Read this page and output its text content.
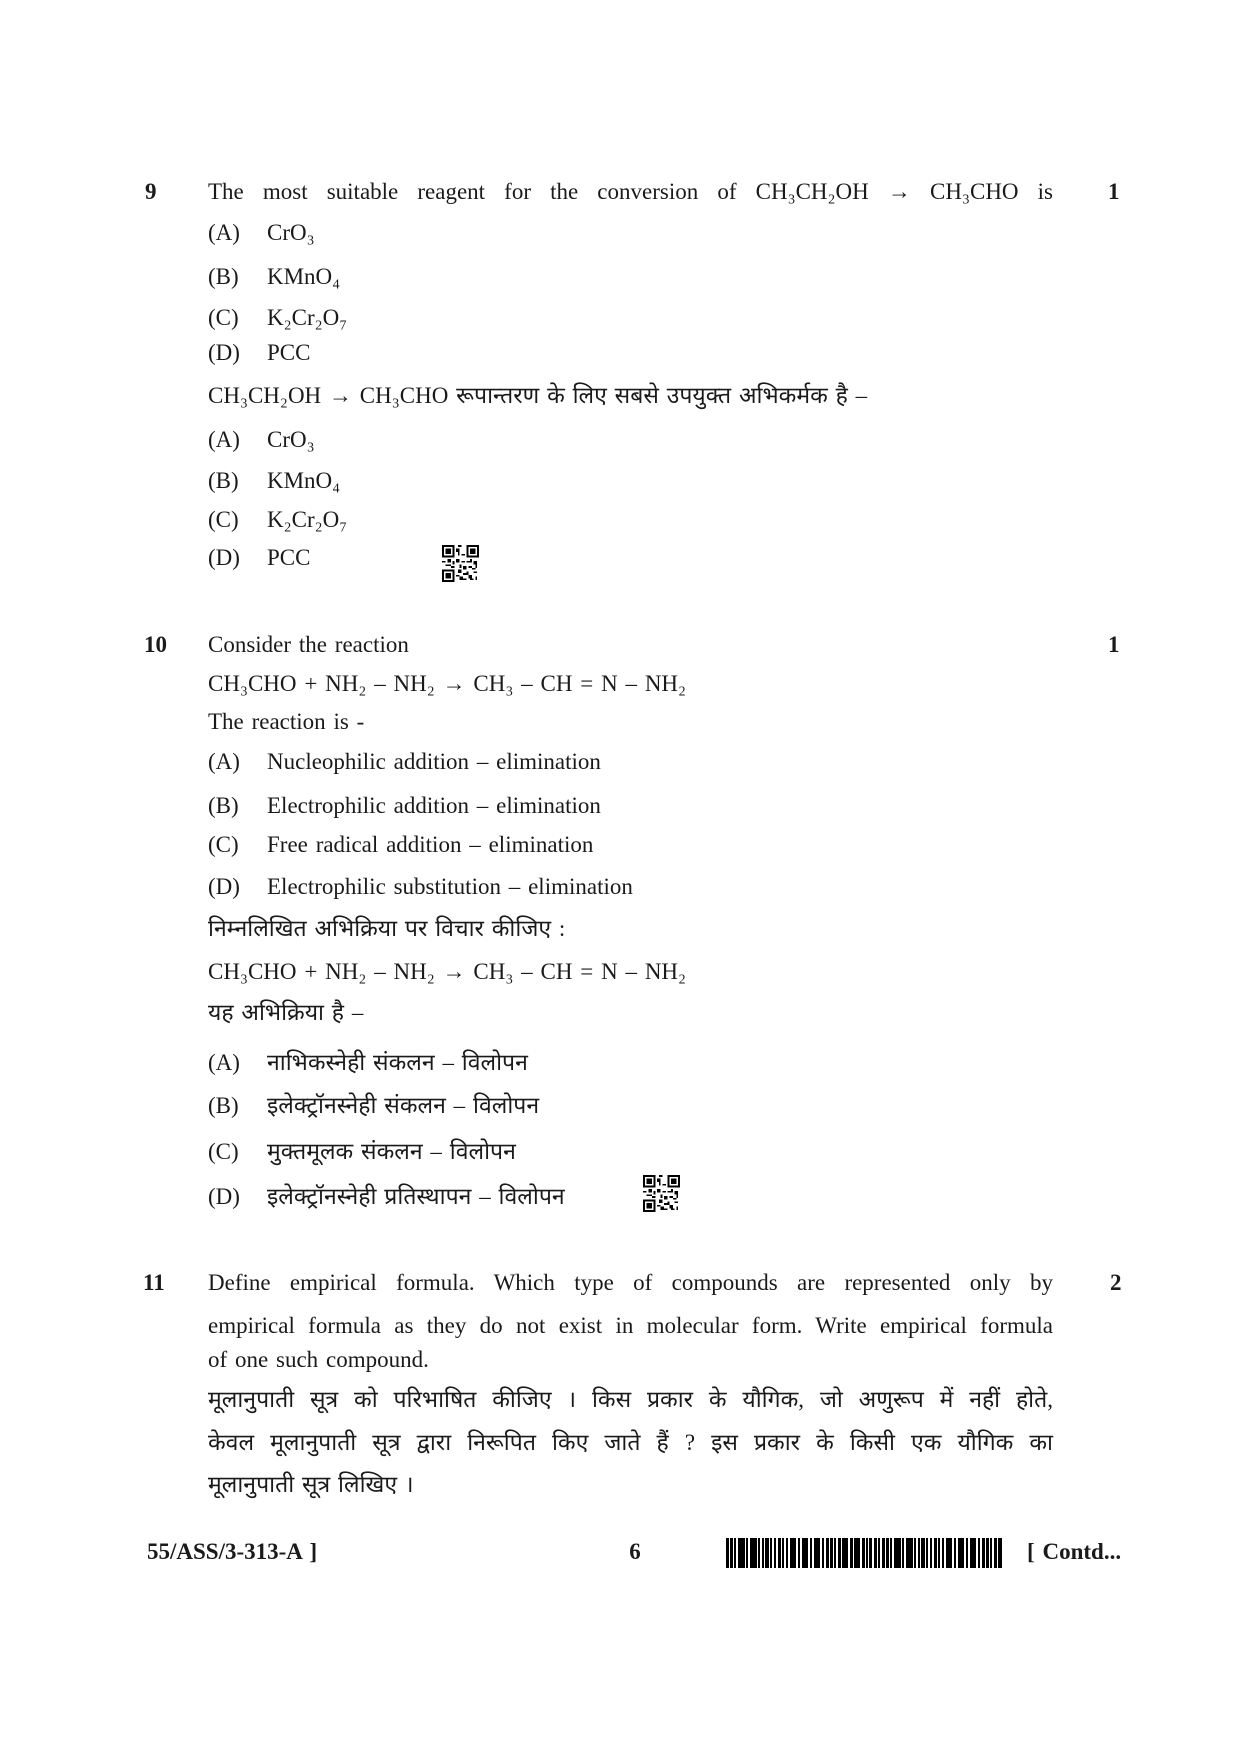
9	The most suitable reagent for the conversion of CH₃CH₂OH → CH₃CHO is 1
(A) CrO₃
(B) KMnO₄
(C) K₂Cr₂O₇
(D) PCC
CH₃CH₂OH → CH₃CHO रूपान्तरण के लिए सबसे उपयुक्त अभिकर्मक है –
(A) CrO₃
(B) KMnO₄
(C) K₂Cr₂O₇
(D) PCC
10	Consider the reaction	1
CH₃CHO + NH₂ – NH₂ → CH₃ – CH = N – NH₂
The reaction is -
(A) Nucleophilic addition – elimination
(B) Electrophilic addition – elimination
(C) Free radical addition – elimination
(D) Electrophilic substitution – elimination
निम्नलिखित अभिक्रिया पर विचार कीजिए :
CH₃CHO + NH₂ – NH₂ → CH₃ – CH = N – NH₂
यह अभिक्रिया है –
(A) नाभिकस्नेही संकलन – विलोपन
(B) इलेक्ट्रॉनस्नेही संकलन – विलोपन
(C) मुक्तमूलक संकलन – विलोपन
(D) इलेक्ट्रॉनस्नेही प्रतिस्थापन – विलोपन
11	2
Define empirical formula. Which type of compounds are represented only by
empirical formula as they do not exist in molecular form. Write empirical formula
of one such compound.
मूलानुपाती सूत्र को परिभाषित कीजिए । किस प्रकार के यौगिक, जो अणुरूप में नहीं होते,
केवल मूलानुपाती सूत्र द्वारा निरूपित किए जाते हैं ? इस प्रकार के किसी एक यौगिक का
मूलानुपाती सूत्र लिखिए ।
55/ASS/3-313-A ]	6	[ Contd...
